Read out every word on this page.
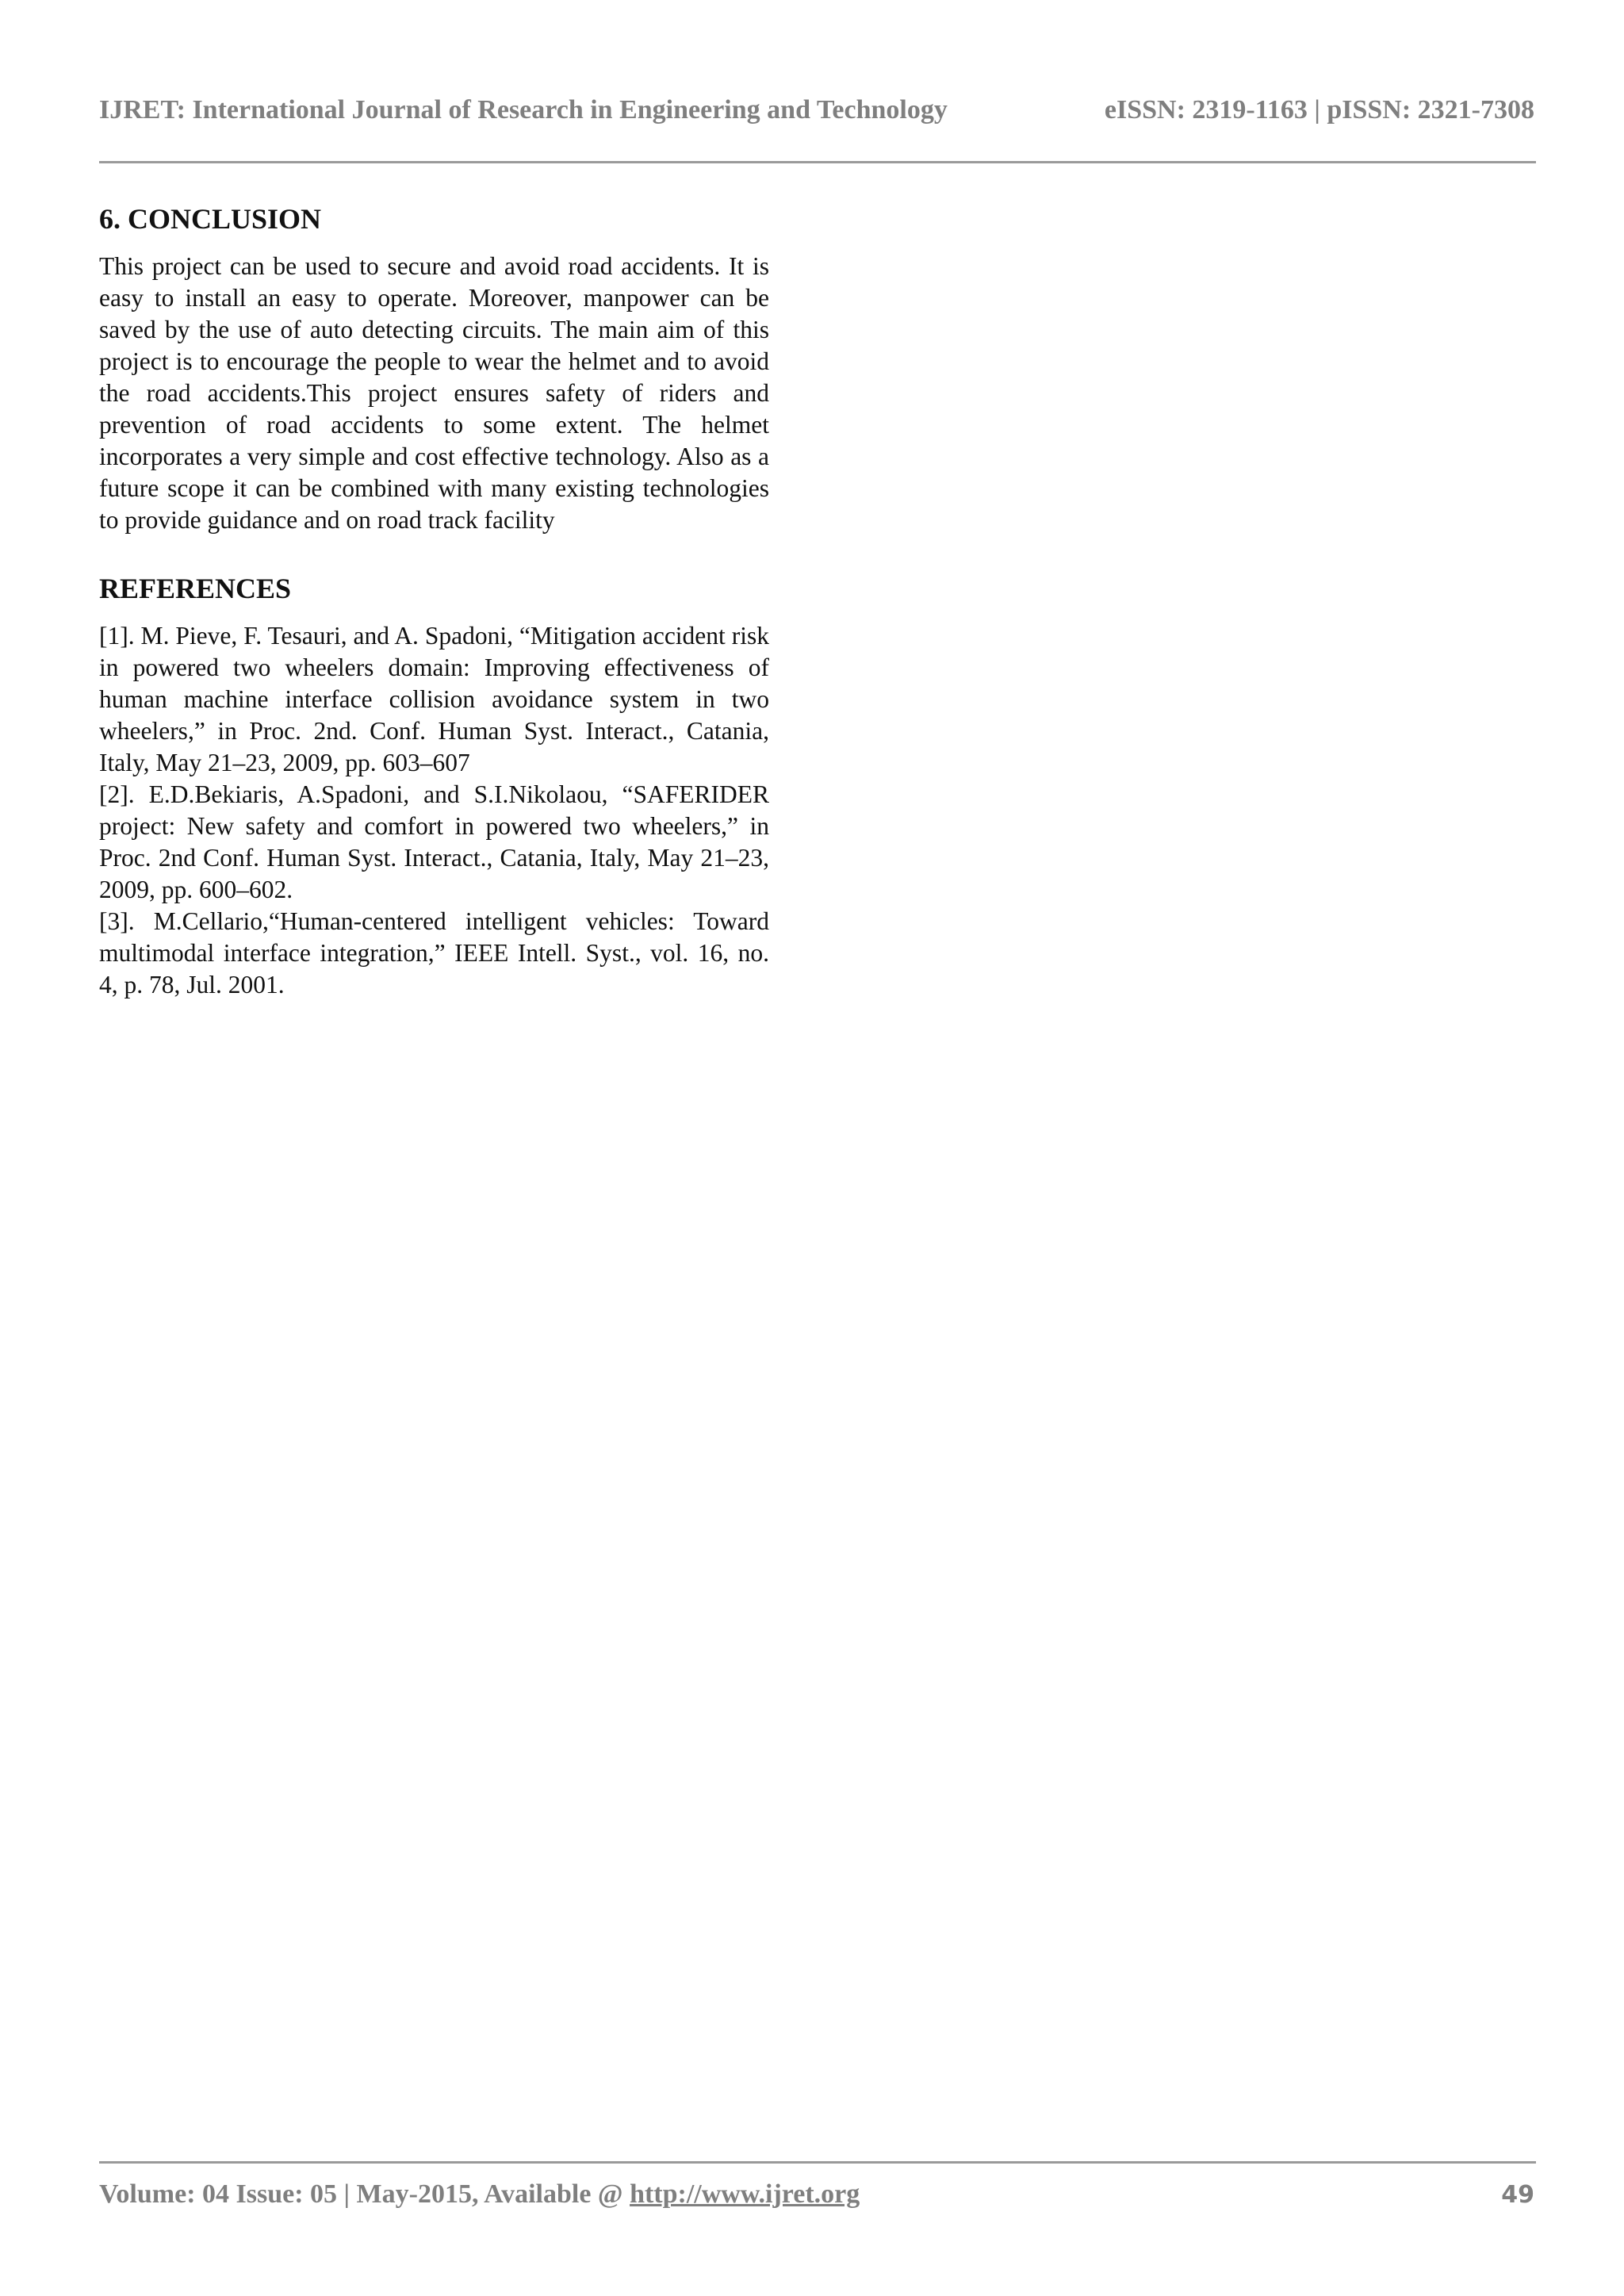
IJRET: International Journal of Research in Engineering and Technology	eISSN: 2319-1163 | pISSN: 2321-7308
6. CONCLUSION

This project can be used to secure and avoid road accidents. It is easy to install an easy to operate. Moreover, manpower can be saved by the use of auto detecting circuits. The main aim of this project is to encourage the people to wear the helmet and to avoid the road accidents.This project ensures safety of riders and prevention of road accidents to some extent. The helmet incorporates a very simple and cost effective technology. Also as a future scope it can be combined with many existing technologies to provide guidance and on road track facility

REFERENCES

[1]. M. Pieve, F. Tesauri, and A. Spadoni, “Mitigation accident risk in powered two wheelers domain: Improving effectiveness of human machine interface collision avoidance system in two wheelers,” in Proc. 2nd. Conf. Human Syst. Interact., Catania, Italy, May 21–23, 2009, pp. 603–607

[2]. E.D.Bekiaris, A.Spadoni, and S.I.Nikolaou, “SAFERIDER project: New safety and comfort in powered two wheelers,” in Proc. 2nd Conf. Human Syst. Interact., Catania, Italy, May 21–23, 2009, pp. 600–602.

[3]. M.Cellario,“Human-centered intelligent vehicles: Toward multimodal interface integration,” IEEE Intell. Syst., vol. 16, no. 4, p. 78, Jul. 2001.

Volume: 04 Issue: 05 | May-2015, Available @ http://www.ijret.org	49
